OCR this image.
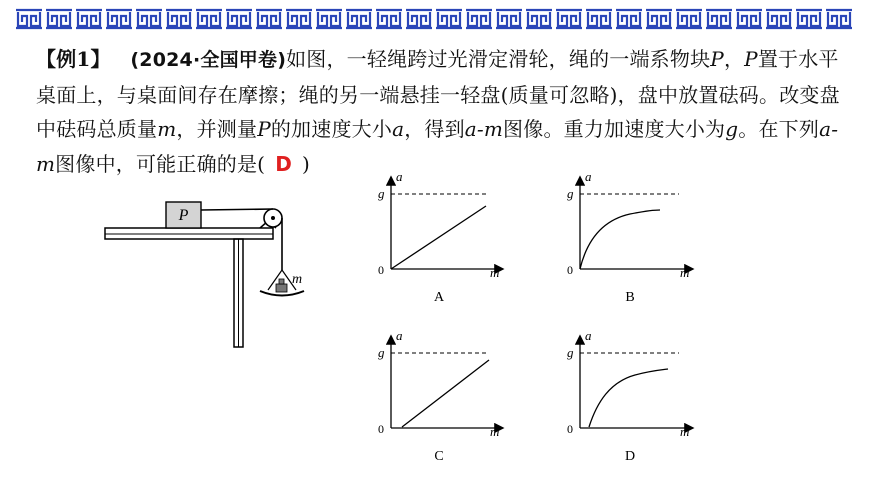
【例1】 (2024·全国甲卷)如图，一轻绳跨过光滑定滑轮，绳的一端系物块P，P置于水平桌面上，与桌面间存在摩擦；绳的另一端悬挂一轻盘(质量可忽略)，盘中放置砝码。改变盘中砝码总质量m，并测量P的加速度大小a，得到a-m图像。重力加速度大小为g。在下列a-m图像中，可能正确的是( D )
P
m
a
m
g
0
A
a
m
g
0
B
a
m
g
0
C
a
m
g
0
D
